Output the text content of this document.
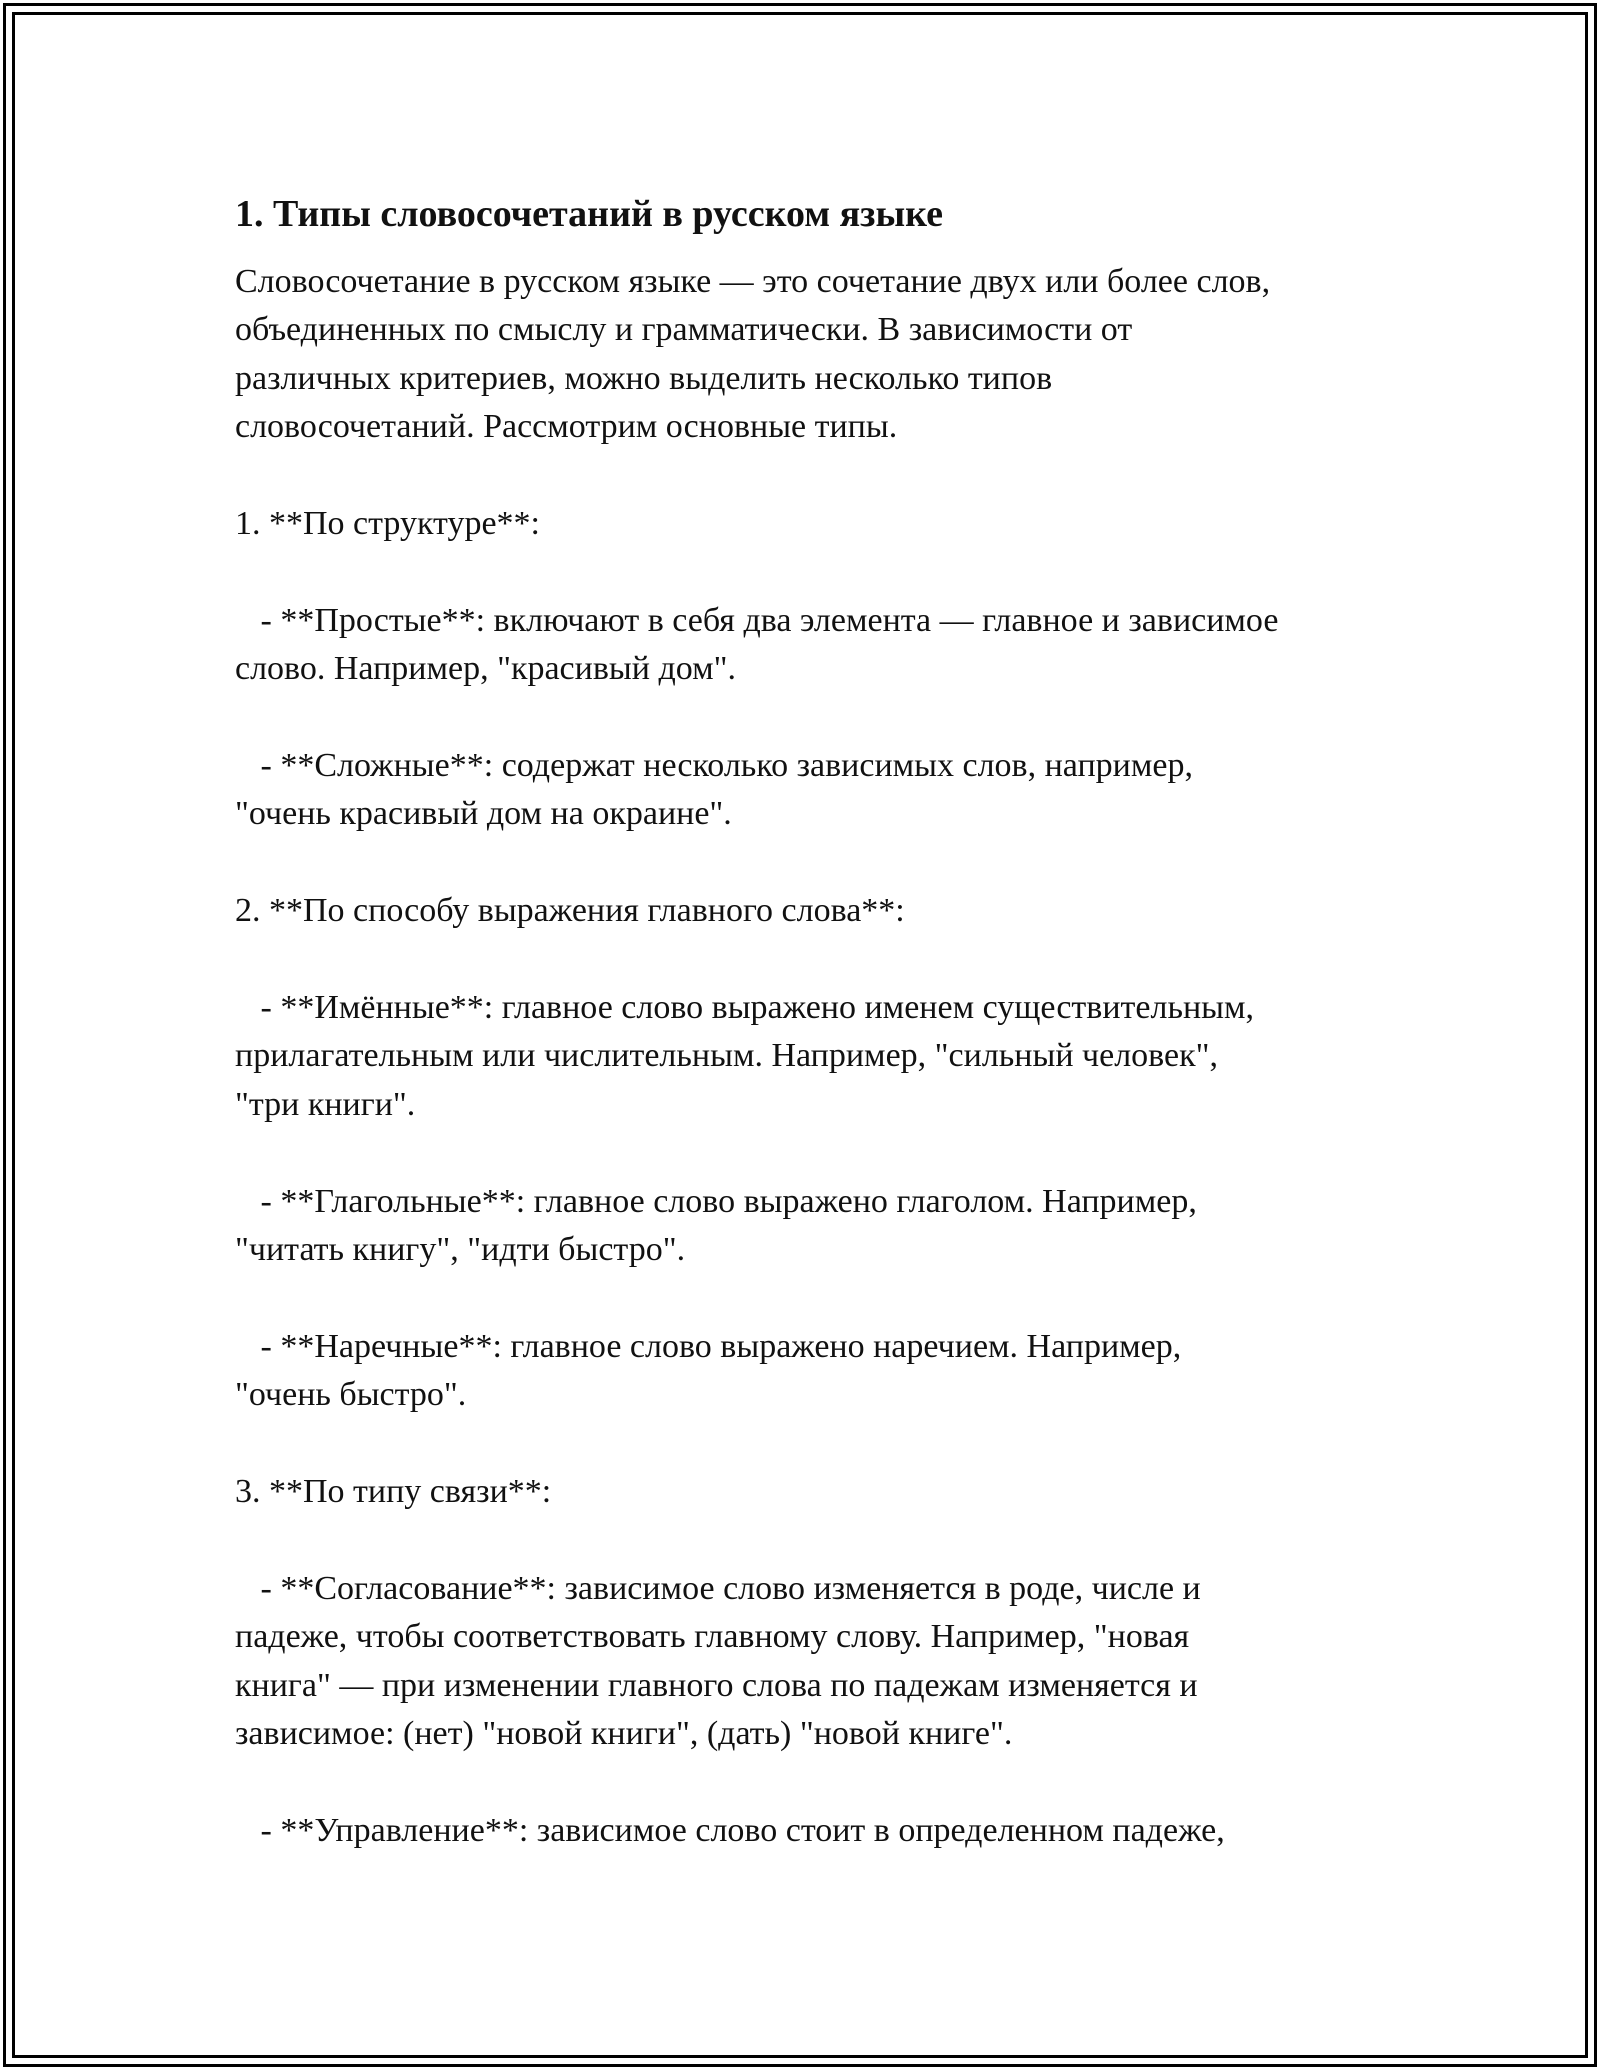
1. Типы словосочетаний в русском языке
Словосочетание в русском языке — это сочетание двух или более слов,
объединенных по смыслу и грамматически. В зависимости от
различных критериев, можно выделить несколько типов
словосочетаний. Рассмотрим основные типы.
1. **По структуре**:
- **Простые**: включают в себя два элемента — главное и зависимое
слово. Например, "красивый дом".
- **Сложные**: содержат несколько зависимых слов, например,
"очень красивый дом на окраине".
2. **По способу выражения главного слова**:
- **Имённые**: главное слово выражено именем существительным,
прилагательным или числительным. Например, "сильный человек",
"три книги".
- **Глагольные**: главное слово выражено глаголом. Например,
"читать книгу", "идти быстро".
- **Наречные**: главное слово выражено наречием. Например,
"очень быстро".
3. **По типу связи**:
- **Согласование**: зависимое слово изменяется в роде, числе и
падеже, чтобы соответствовать главному слову. Например, "новая
книга" — при изменении главного слова по падежам изменяется и
зависимое: (нет) "новой книги", (дать) "новой книге".
- **Управление**: зависимое слово стоит в определенном падеже,
